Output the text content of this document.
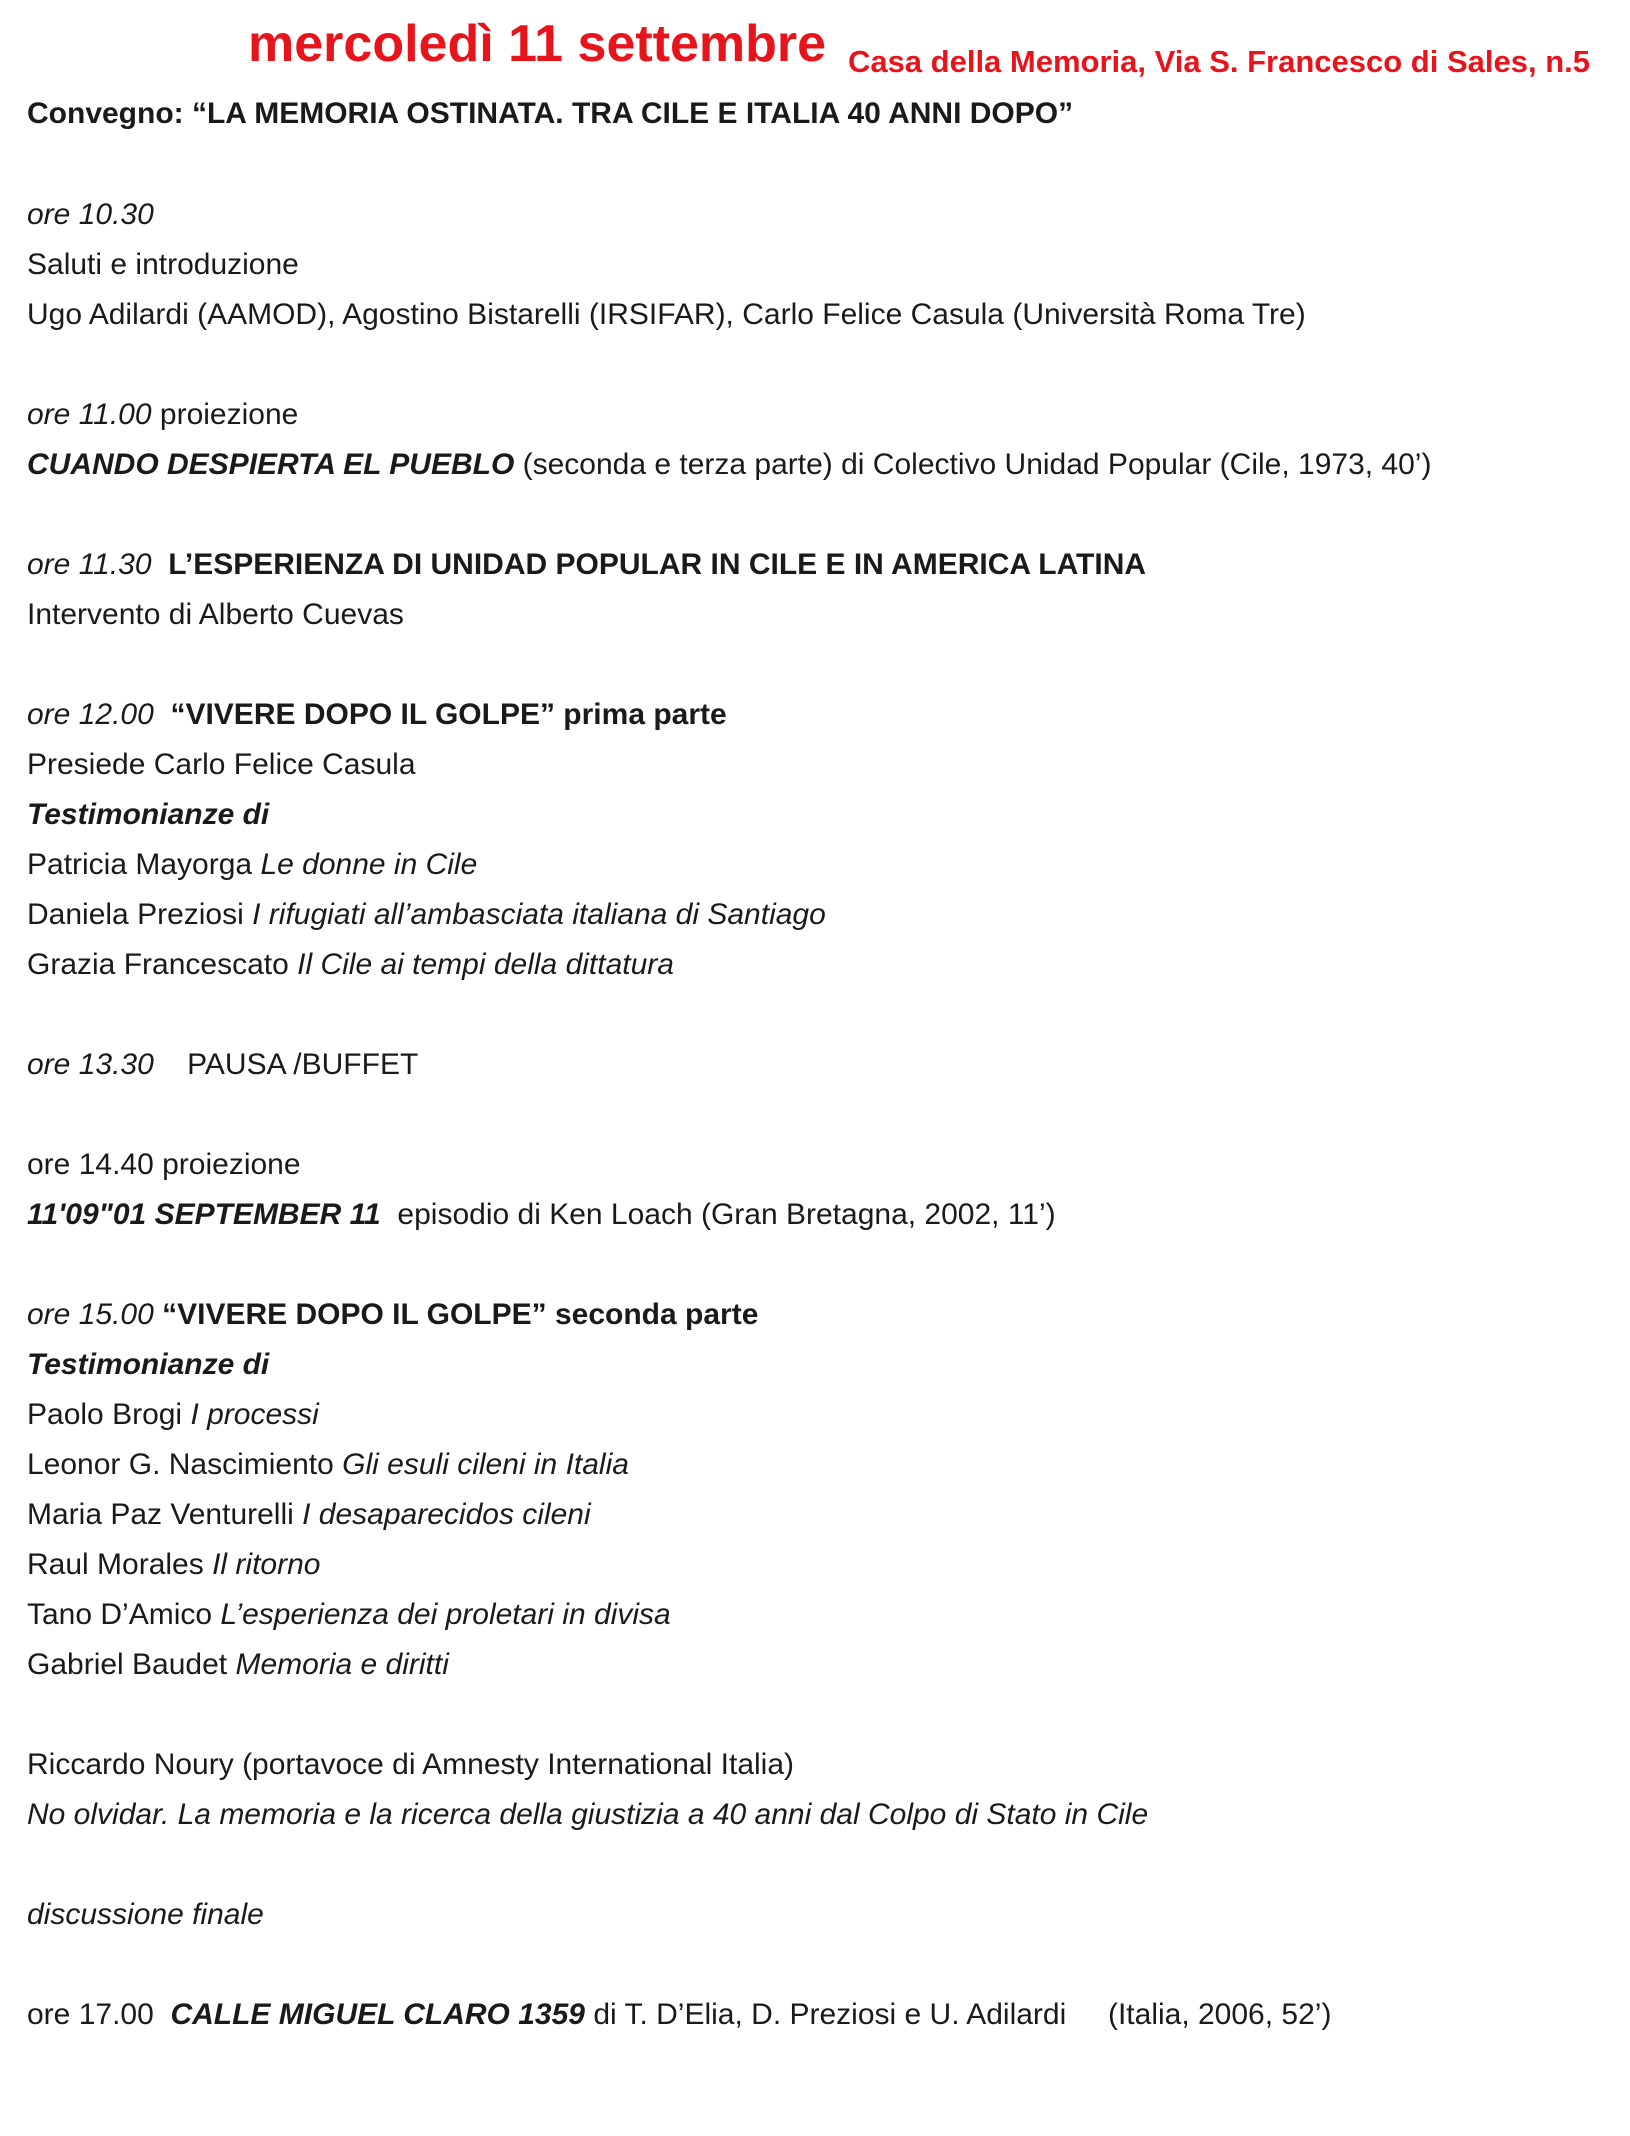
mercoledì 11 settembre Casa della Memoria, Via S. Francesco di Sales, n.5
Convegno: “LA MEMORIA OSTINATA. TRA CILE E ITALIA 40 ANNI DOPO”
ore 10.30
Saluti e introduzione
Ugo Adilardi (AAMOD), Agostino Bistarelli (IRSIFAR), Carlo Felice Casula (Università Roma Tre)
ore 11.00 proiezione
CUANDO DESPIERTA EL PUEBLO (seconda e terza parte) di Colectivo Unidad Popular (Cile, 1973, 40’)
ore 11.30 L’ESPERIENZA DI UNIDAD POPULAR IN CILE E IN AMERICA LATINA
Intervento di Alberto Cuevas
ore 12.00 “VIVERE DOPO IL GOLPE” prima parte
Presiede Carlo Felice Casula
Testimonianze di
Patricia Mayorga Le donne in Cile
Daniela Preziosi I rifugiati all’ambasciata italiana di Santiago
Grazia Francescato Il Cile ai tempi della dittatura
ore 13.30 PAUSA /BUFFET
ore 14.40 proiezione
11'09"01 SEPTEMBER 11 episodio di Ken Loach (Gran Bretagna, 2002, 11’)
ore 15.00 “VIVERE DOPO IL GOLPE” seconda parte
Testimonianze di
Paolo Brogi I processi
Leonor G. Nascimiento Gli esuli cileni in Italia
Maria Paz Venturelli I desaparecidos cileni
Raul Morales Il ritorno
Tano D’Amico L’esperienza dei proletari in divisa
Gabriel Baudet Memoria e diritti
Riccardo Noury (portavoce di Amnesty International Italia)
No olvidar. La memoria e la ricerca della giustizia a 40 anni dal Colpo di Stato in Cile
discussione finale
ore 17.00 CALLE MIGUEL CLARO 1359 di T. D’Elia, D. Preziosi e U. Adilardi (Italia, 2006, 52’)
